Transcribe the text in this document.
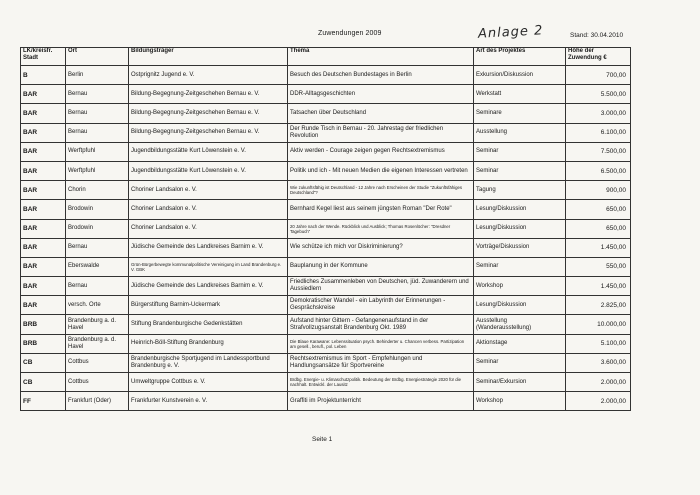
Zuwendungen 2009	Anlage 2	Stand: 30.04.2010
LK/kreisfr. Stadt	Ort	Bildungsträger	Thema	Art des Projektes	Höhe der Zuwendung €
B	Berlin	Ostprignitz Jugend e. V.	Besuch des Deutschen Bundestages in Berlin	Exkursion/Diskussion	700,00
BAR	Bernau	Bildung-Begegnung-Zeitgeschehen Bernau e. V.	DDR-Alltagsgeschichten	Werkstatt	5.500,00
BAR	Bernau	Bildung-Begegnung-Zeitgeschehen Bernau e. V.	Tatsachen über Deutschland	Seminare	3.000,00
BAR	Bernau	Bildung-Begegnung-Zeitgeschehen Bernau e. V.	Der Runde Tisch in Bernau - 20. Jahrestag der friedlichen Revolution	Ausstellung	6.100,00
BAR	Werftpfuhl	Jugendbildungsstätte Kurt Löwenstein e. V.	Aktiv werden - Courage zeigen gegen Rechtsextremismus	Seminar	7.500,00
BAR	Werftpfuhl	Jugendbildungsstätte Kurt Löwenstein e. V.	Politik und ich - Mit neuen Medien die eigenen Interessen vertreten	Seminar	6.500,00
BAR	Chorin	Choriner Landsalon e. V.	Wie zukunftsfähig ist Deutschland - 12 Jahre nach Erscheinen der Studie "Zukunftsfähiges Deutschland"?	Tagung	900,00
BAR	Brodowin	Choriner Landsalon e. V.	Bernhard Kegel liest aus seinem jüngsten Roman "Der Rote"	Lesung/Diskussion	650,00
BAR	Brodowin	Choriner Landsalon e. V.	20 Jahre nach der Wende. Rückblick und Ausblick; Thomas Rosenlöcher: "Dresdner Tagebuch"	Lesung/Diskussion	650,00
BAR	Bernau	Jüdische Gemeinde des Landkreises Barnim e. V.	Wie schütze ich mich vor Diskriminierung?	Vorträge/Diskussion	1.450,00
BAR	Eberswalde	Grün-Bürgerbewegte kommunalpolitische Vereinigung im Land Brandenburg e. V. GBK	Bauplanung in der Kommune	Seminar	550,00
BAR	Bernau	Jüdische Gemeinde des Landkreises Barnim e. V.	Friedliches Zusammenleben von Deutschen, jüd. Zuwanderern und Aussiedlern	Workshop	1.450,00
BAR	versch. Orte	Bürgerstiftung Barnim-Uckermark	Demokratischer Wandel - ein Labyrinth der Erinnerungen - Gesprächskreise	Lesung/Diskussion	2.825,00
BRB	Brandenburg a. d. Havel	Stiftung Brandenburgische Gedenkstätten	Aufstand hinter Gittern - Gefangenenaufstand in der Strafvollzugsanstalt Brandenburg Okt. 1989	Ausstellung (Wanderausstellung)	10.000,00
BRB	Brandenburg a. d. Havel	Heinrich-Böll-Stiftung Brandenburg	Die Blaue Karawane: Lebenssituation psych. Behinderter u. Chancen verbess. Partizipation am gesell., berufl., pol. Leben	Aktionstage	5.100,00
CB	Cottbus	Brandenburgische Sportjugend im Landessportbund Brandenburg e. V.	Rechtsextremismus im Sport - Empfehlungen und Handlungsansätze für Sportvereine	Seminar	3.600,00
CB	Cottbus	Umweltgruppe Cottbus e. V.	Brdbg. Energie- u. Klimaschutzpolitik. Bedeutung der Brdbg. Energiestrategie 2020 für die nachhalt. Entwickl. der Lausitz	Seminar/Exkursion	2.000,00
FF	Frankfurt (Oder)	Frankfurter Kunstverein e. V.	Graffiti im Projektunterricht	Workshop	2.000,00
Seite 1
